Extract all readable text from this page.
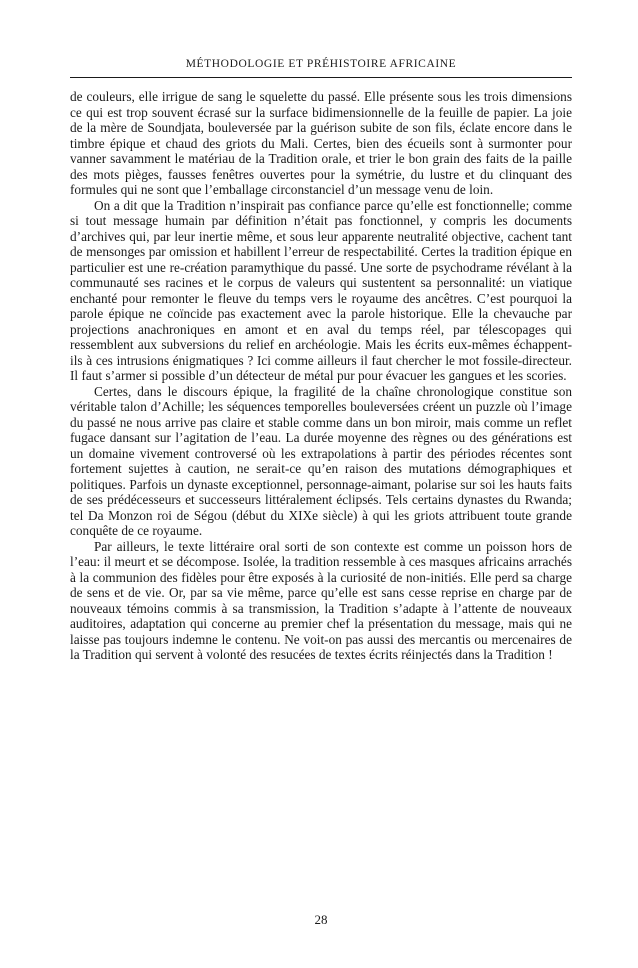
MÉTHODOLOGIE ET PRÉHISTOIRE AFRICAINE

de couleurs, elle irrigue de sang le squelette du passé. Elle présente sous les trois dimensions ce qui est trop souvent écrasé sur la surface bidimensionnelle de la feuille de papier. La joie de la mère de Soundjata, bouleversée par la guérison subite de son fils, éclate encore dans le timbre épique et chaud des griots du Mali. Certes, bien des écueils sont à surmonter pour vanner savamment le matériau de la Tradition orale, et trier le bon grain des faits de la paille des mots pièges, fausses fenêtres ouvertes pour la symétrie, du lustre et du clinquant des formules qui ne sont que l’emballage circonstanciel d’un message venu de loin.

On a dit que la Tradition n’inspirait pas confiance parce qu’elle est fonctionnelle; comme si tout message humain par définition n’était pas fonctionnel, y compris les documents d’archives qui, par leur inertie même, et sous leur apparente neutralité objective, cachent tant de mensonges par omission et habillent l’erreur de respectabilité. Certes la tradition épique en particulier est une re-création paramythique du passé. Une sorte de psychodrame révélant à la communauté ses racines et le corpus de valeurs qui sustentent sa personnalité: un viatique enchanté pour remonter le fleuve du temps vers le royaume des ancêtres. C’est pourquoi la parole épique ne coïncide pas exactement avec la parole historique. Elle la chevauche par projections anachroniques en amont et en aval du temps réel, par télescopages qui ressemblent aux subversions du relief en archéologie. Mais les écrits eux-mêmes échappent-ils à ces intrusions énigmatiques ? Ici comme ailleurs il faut chercher le mot fossile-directeur. Il faut s’armer si possible d’un détecteur de métal pur pour évacuer les gangues et les scories.

Certes, dans le discours épique, la fragilité de la chaîne chronologique constitue son véritable talon d’Achille; les séquences temporelles bouleversées créent un puzzle où l’image du passé ne nous arrive pas claire et stable comme dans un bon miroir, mais comme un reflet fugace dansant sur l’agitation de l’eau. La durée moyenne des règnes ou des générations est un domaine vivement controversé où les extrapolations à partir des périodes récentes sont fortement sujettes à caution, ne serait-ce qu’en raison des mutations démographiques et politiques. Parfois un dynaste exceptionnel, personnage-aimant, polarise sur soi les hauts faits de ses prédécesseurs et successeurs littéralement éclipsés. Tels certains dynastes du Rwanda; tel Da Monzon roi de Ségou (début du XIXe siècle) à qui les griots attribuent toute grande conquête de ce royaume.

Par ailleurs, le texte littéraire oral sorti de son contexte est comme un poisson hors de l’eau: il meurt et se décompose. Isolée, la tradition ressemble à ces masques africains arrachés à la communion des fidèles pour être exposés à la curiosité de non-initiés. Elle perd sa charge de sens et de vie. Or, par sa vie même, parce qu’elle est sans cesse reprise en charge par de nouveaux témoins commis à sa transmission, la Tradition s’adapte à l’attente de nouveaux auditoires, adaptation qui concerne au premier chef la présentation du message, mais qui ne laisse pas toujours indemne le contenu. Ne voit-on pas aussi des mercantis ou mercenaires de la Tradition qui servent à volonté des resucées de textes écrits réinjectés dans la Tradition !

28
